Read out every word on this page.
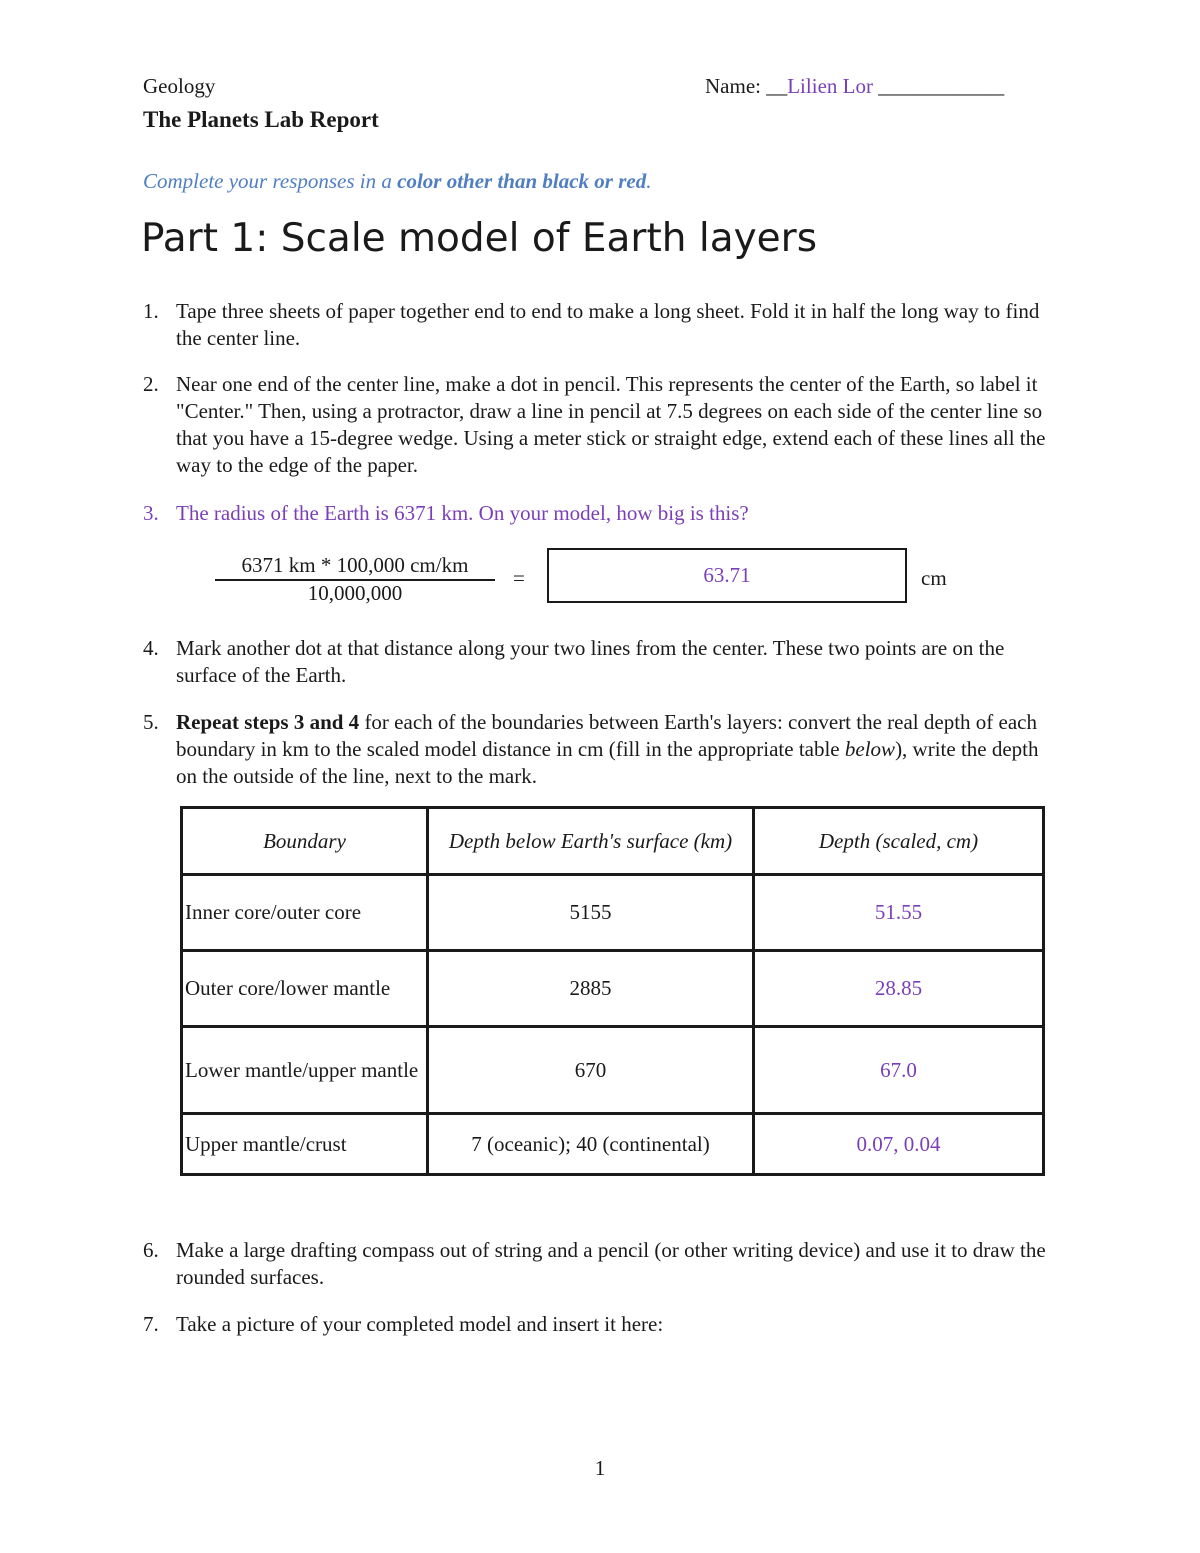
Geology	Name: __Lilien Lor ____________
The Planets Lab Report
Complete your responses in a color other than black or red.
Part 1: Scale model of Earth layers
1. Tape three sheets of paper together end to end to make a long sheet. Fold it in half the long way to find the center line.
2. Near one end of the center line, make a dot in pencil. This represents the center of the Earth, so label it "Center." Then, using a protractor, draw a line in pencil at 7.5 degrees on each side of the center line so that you have a 15-degree wedge. Using a meter stick or straight edge, extend each of these lines all the way to the edge of the paper.
3. The radius of the Earth is 6371 km. On your model, how big is this?
6371 km * 100,000 cm/km
10,000,000
=	63.71	cm
4. Mark another dot at that distance along your two lines from the center. These two points are on the surface of the Earth.
5. Repeat steps 3 and 4 for each of the boundaries between Earth's layers: convert the real depth of each boundary in km to the scaled model distance in cm (fill in the appropriate table below), write the depth on the outside of the line, next to the mark.
Boundary	Depth below Earth's surface (km)	Depth (scaled, cm)
Inner core/outer core	5155	51.55
Outer core/lower mantle	2885	28.85
Lower mantle/upper mantle	670	67.0
Upper mantle/crust	7 (oceanic); 40 (continental)	0.07, 0.04
6. Make a large drafting compass out of string and a pencil (or other writing device) and use it to draw the rounded surfaces.
7. Take a picture of your completed model and insert it here:
1
